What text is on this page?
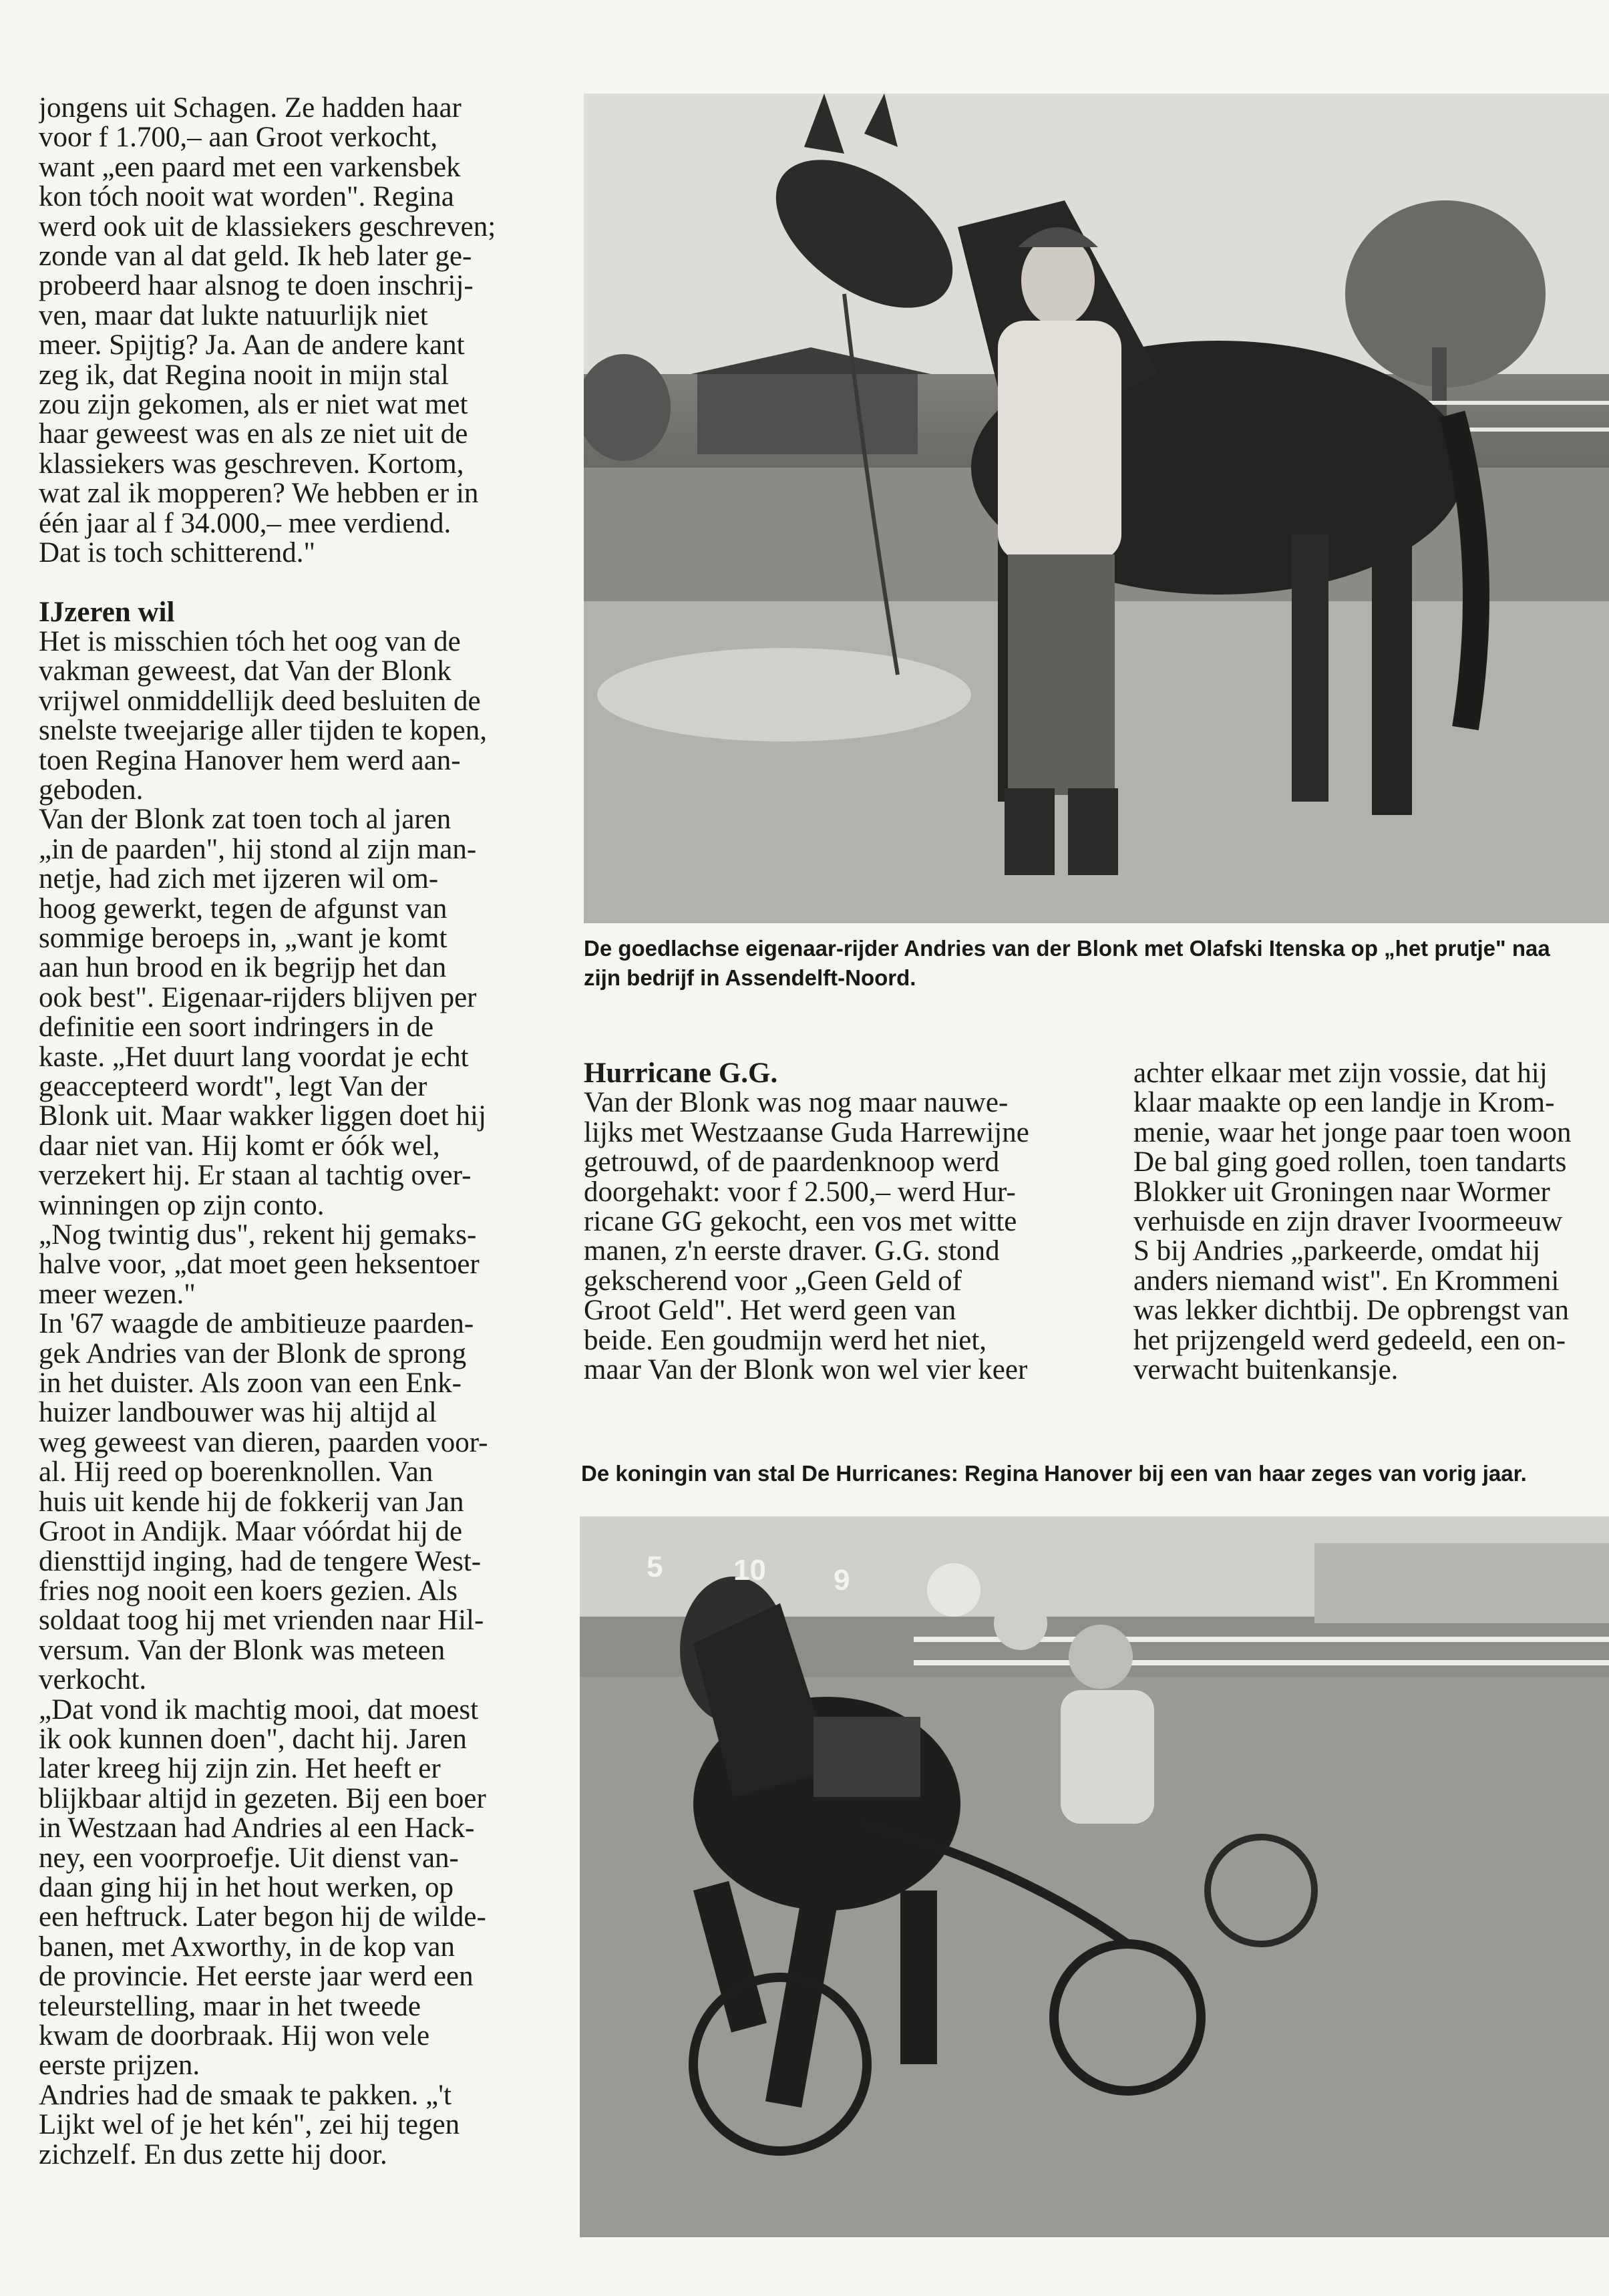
jongens uit Schagen. Ze hadden haar
voor f 1.700,– aan Groot verkocht,
want „een paard met een varkensbek
kon tóch nooit wat worden". Regina
werd ook uit de klassiekers geschreven;
zonde van al dat geld. Ik heb later ge-
probeerd haar alsnog te doen inschrij-
ven, maar dat lukte natuurlijk niet
meer. Spijtig? Ja. Aan de andere kant
zeg ik, dat Regina nooit in mijn stal
zou zijn gekomen, als er niet wat met
haar geweest was en als ze niet uit de
klassiekers was geschreven. Kortom,
wat zal ik mopperen? We hebben er in
één jaar al f 34.000,– mee verdiend.
Dat is toch schitterend."
IJzeren wil
Het is misschien tóch het oog van de
vakman geweest, dat Van der Blonk
vrijwel onmiddellijk deed besluiten de
snelste tweejarige aller tijden te kopen,
toen Regina Hanover hem werd aan-
geboden.
Van der Blonk zat toen toch al jaren
„in de paarden", hij stond al zijn man-
netje, had zich met ijzeren wil om-
hoog gewerkt, tegen de afgunst van
sommige beroeps in, „want je komt
aan hun brood en ik begrijp het dan
ook best". Eigenaar-rijders blijven per
definitie een soort indringers in de
kaste. „Het duurt lang voordat je echt
geaccepteerd wordt", legt Van der
Blonk uit. Maar wakker liggen doet hij
daar niet van. Hij komt er óók wel,
verzekert hij. Er staan al tachtig over-
winningen op zijn conto.
„Nog twintig dus", rekent hij gemaks-
halve voor, „dat moet geen heksentoer
meer wezen."
In '67 waagde de ambitieuze paarden-
gek Andries van der Blonk de sprong
in het duister. Als zoon van een Enk-
huizer landbouwer was hij altijd al
weg geweest van dieren, paarden voor-
al. Hij reed op boerenknollen. Van
huis uit kende hij de fokkerij van Jan
Groot in Andijk. Maar vóórdat hij de
diensttijd inging, had de tengere West-
fries nog nooit een koers gezien. Als
soldaat toog hij met vrienden naar Hil-
versum. Van der Blonk was meteen
verkocht.
„Dat vond ik machtig mooi, dat moest
ik ook kunnen doen", dacht hij. Jaren
later kreeg hij zijn zin. Het heeft er
blijkbaar altijd in gezeten. Bij een boer
in Westzaan had Andries al een Hack-
ney, een voorproefje. Uit dienst van-
daan ging hij in het hout werken, op
een heftruck. Later begon hij de wilde-
banen, met Axworthy, in de kop van
de provincie. Het eerste jaar werd een
teleurstelling, maar in het tweede
kwam de doorbraak. Hij won vele
eerste prijzen.
Andries had de smaak te pakken. „'t
Lijkt wel of je het kén", zei hij tegen
zichzelf. En dus zette hij door.
De goedlachse eigenaar-rijder Andries van der Blonk met Olafski Itenska op „het prutje" naa
zijn bedrijf in Assendelft-Noord.
Hurricane G.G.
Van der Blonk was nog maar nauwe-
lijks met Westzaanse Guda Harrewijne
getrouwd, of de paardenknoop werd
doorgehakt: voor f 2.500,– werd Hur-
ricane GG gekocht, een vos met witte
manen, z'n eerste draver. G.G. stond
gekscherend voor „Geen Geld of
Groot Geld". Het werd geen van
beide. Een goudmijn werd het niet,
maar Van der Blonk won wel vier keer
achter elkaar met zijn vossie, dat hij
klaar maakte op een landje in Krom-
menie, waar het jonge paar toen woon
De bal ging goed rollen, toen tandarts
Blokker uit Groningen naar Wormer
verhuisde en zijn draver Ivoormeeuw
S bij Andries „parkeerde, omdat hij
anders niemand wist". En Krommeni
was lekker dichtbij. De opbrengst van
het prijzengeld werd gedeeld, een on-
verwacht buitenkansje.
De koningin van stal De Hurricanes: Regina Hanover bij een van haar zeges van vorig jaar.
5 10 9
